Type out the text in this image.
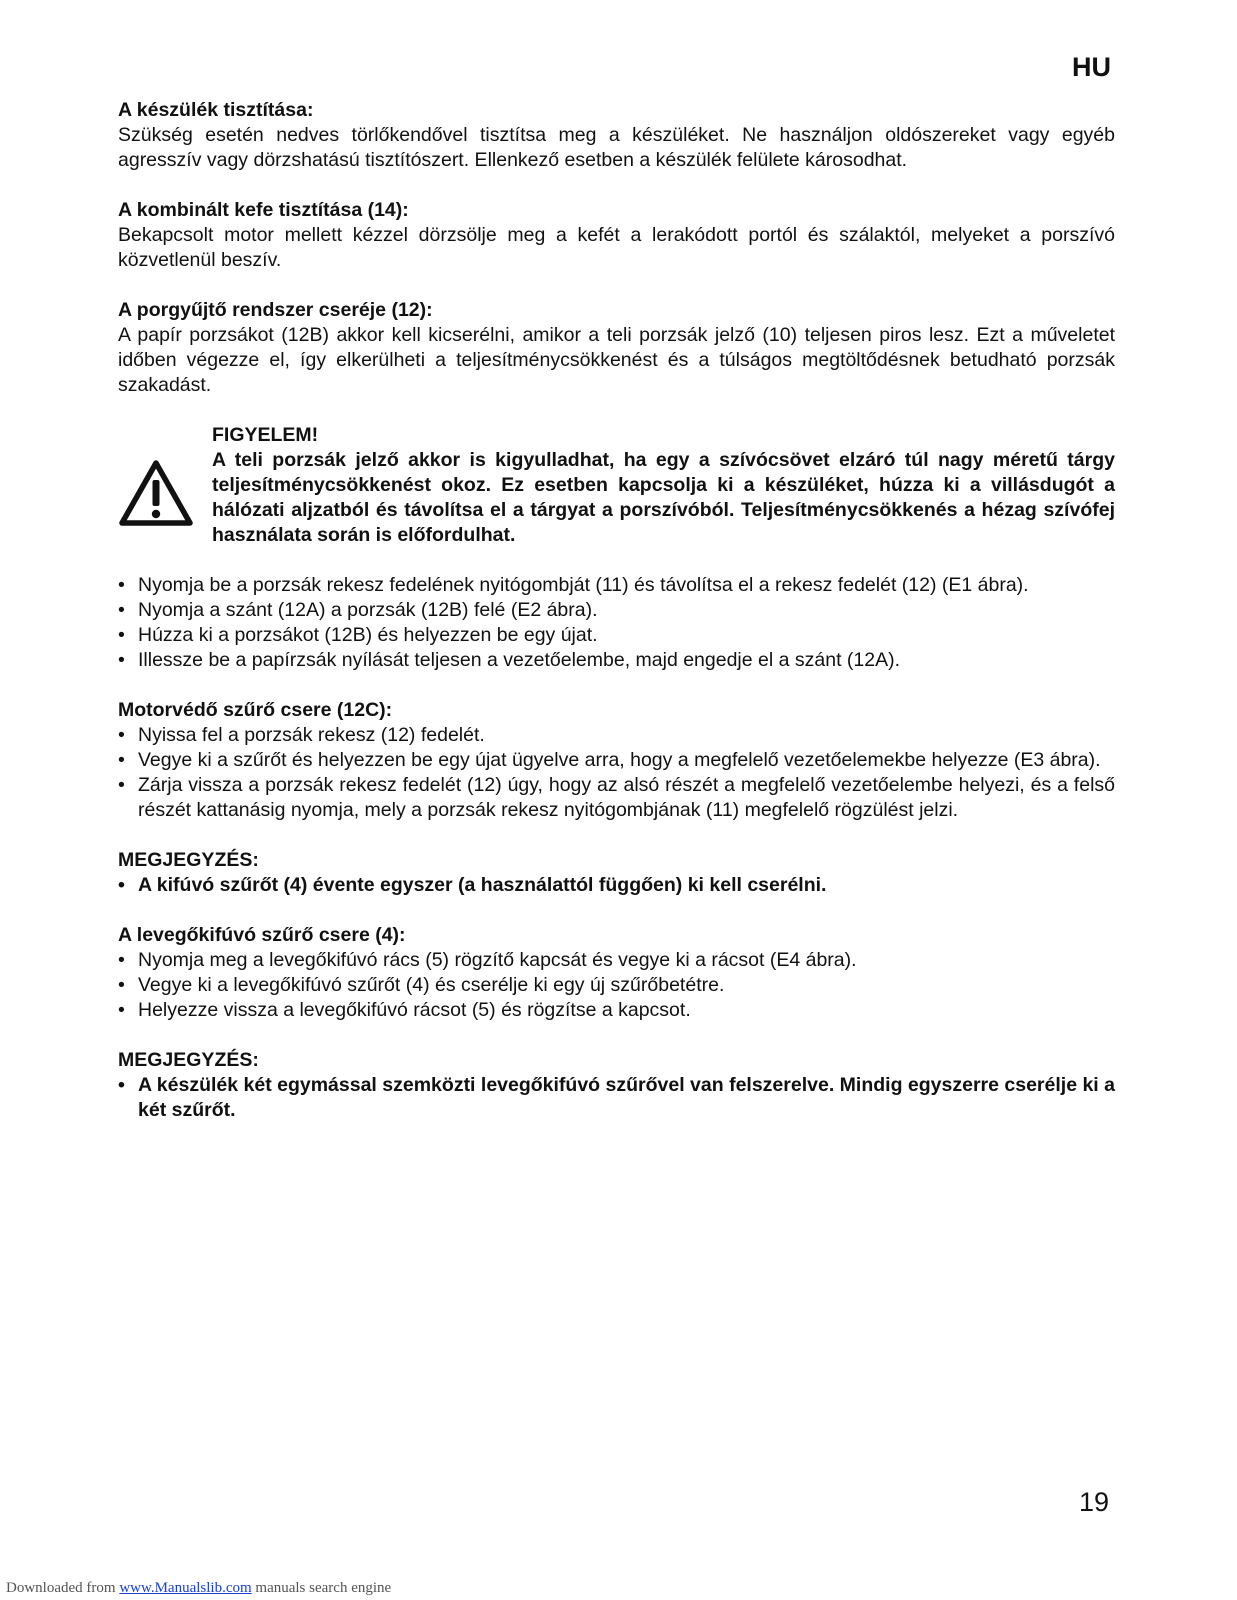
HU
A készülék tisztítása:
Szükség esetén nedves törlőkendővel tisztítsa meg a készüléket. Ne használjon oldószereket vagy egyéb agresszív vagy dörzshatású tisztítószert. Ellenkező esetben a készülék felülete károsodhat.
A kombinált kefe tisztítása (14):
Bekapcsolt motor mellett kézzel dörzsölje meg a kefét a lerakódott portól és szálaktól, melyeket a porszívó közvetlenül beszív.
A porgyűjtő rendszer cseréje (12):
A papír porzsákot (12B) akkor kell kicserélni, amikor a teli porzsák jelző (10) teljesen piros lesz. Ezt a műveletet időben végezze el, így elkerülheti a teljesítménycsökkenést és a túlságos megtöltődésnek betudható porzsák szakadást.
FIGYELEM!
A teli porzsák jelző akkor is kigyulladhat, ha egy a szívócsövet elzáró túl nagy méretű tárgy teljesítménycsökkenést okoz. Ez esetben kapcsolja ki a készüléket, húzza ki a villásdugót a hálózati aljzatból és távolítsa el a tárgyat a porszívóból. Teljesítménycsökkenés a hézag szívófej használata során is előfordulhat.
• Nyomja be a porzsák rekesz fedelének nyitógombját (11) és távolítsa el a rekesz fedelét (12) (E1 ábra).
• Nyomja a szánt (12A) a porzsák (12B) felé (E2 ábra).
• Húzza ki a porzsákot (12B) és helyezzen be egy újat.
• Illessze be a papírzsák nyílását teljesen a vezetőelembe, majd engedje el a szánt (12A).
Motorvédő szűrő csere (12C):
• Nyissa fel a porzsák rekesz (12) fedelét.
• Vegye ki a szűrőt és helyezzen be egy újat ügyelve arra, hogy a megfelelő vezetőelemekbe helyezze (E3 ábra).
• Zárja vissza a porzsák rekesz fedelét (12) úgy, hogy az alsó részét a megfelelő vezetőelembe helyezi, és a felső részét kattanásig nyomja, mely a porzsák rekesz nyitógombjának (11) megfelelő rögzülést jelzi.
MEGJEGYZÉS:
• A kifúvó szűrőt (4) évente egyszer (a használattól függően) ki kell cserélni.
A levegőkifúvó szűrő csere (4):
• Nyomja meg a levegőkifúvó rács (5) rögzítő kapcsát és vegye ki a rácsot (E4 ábra).
• Vegye ki a levegőkifúvó szűrőt (4) és cserélje ki egy új szűrőbetétre.
• Helyezze vissza a levegőkifúvó rácsot (5) és rögzítse a kapcsot.
MEGJEGYZÉS:
• A készülék két egymással szemközti levegőkifúvó szűrővel van felszerelve. Mindig egyszerre cserélje ki a két szűrőt.
19
Downloaded from www.Manualslib.com manuals search engine
